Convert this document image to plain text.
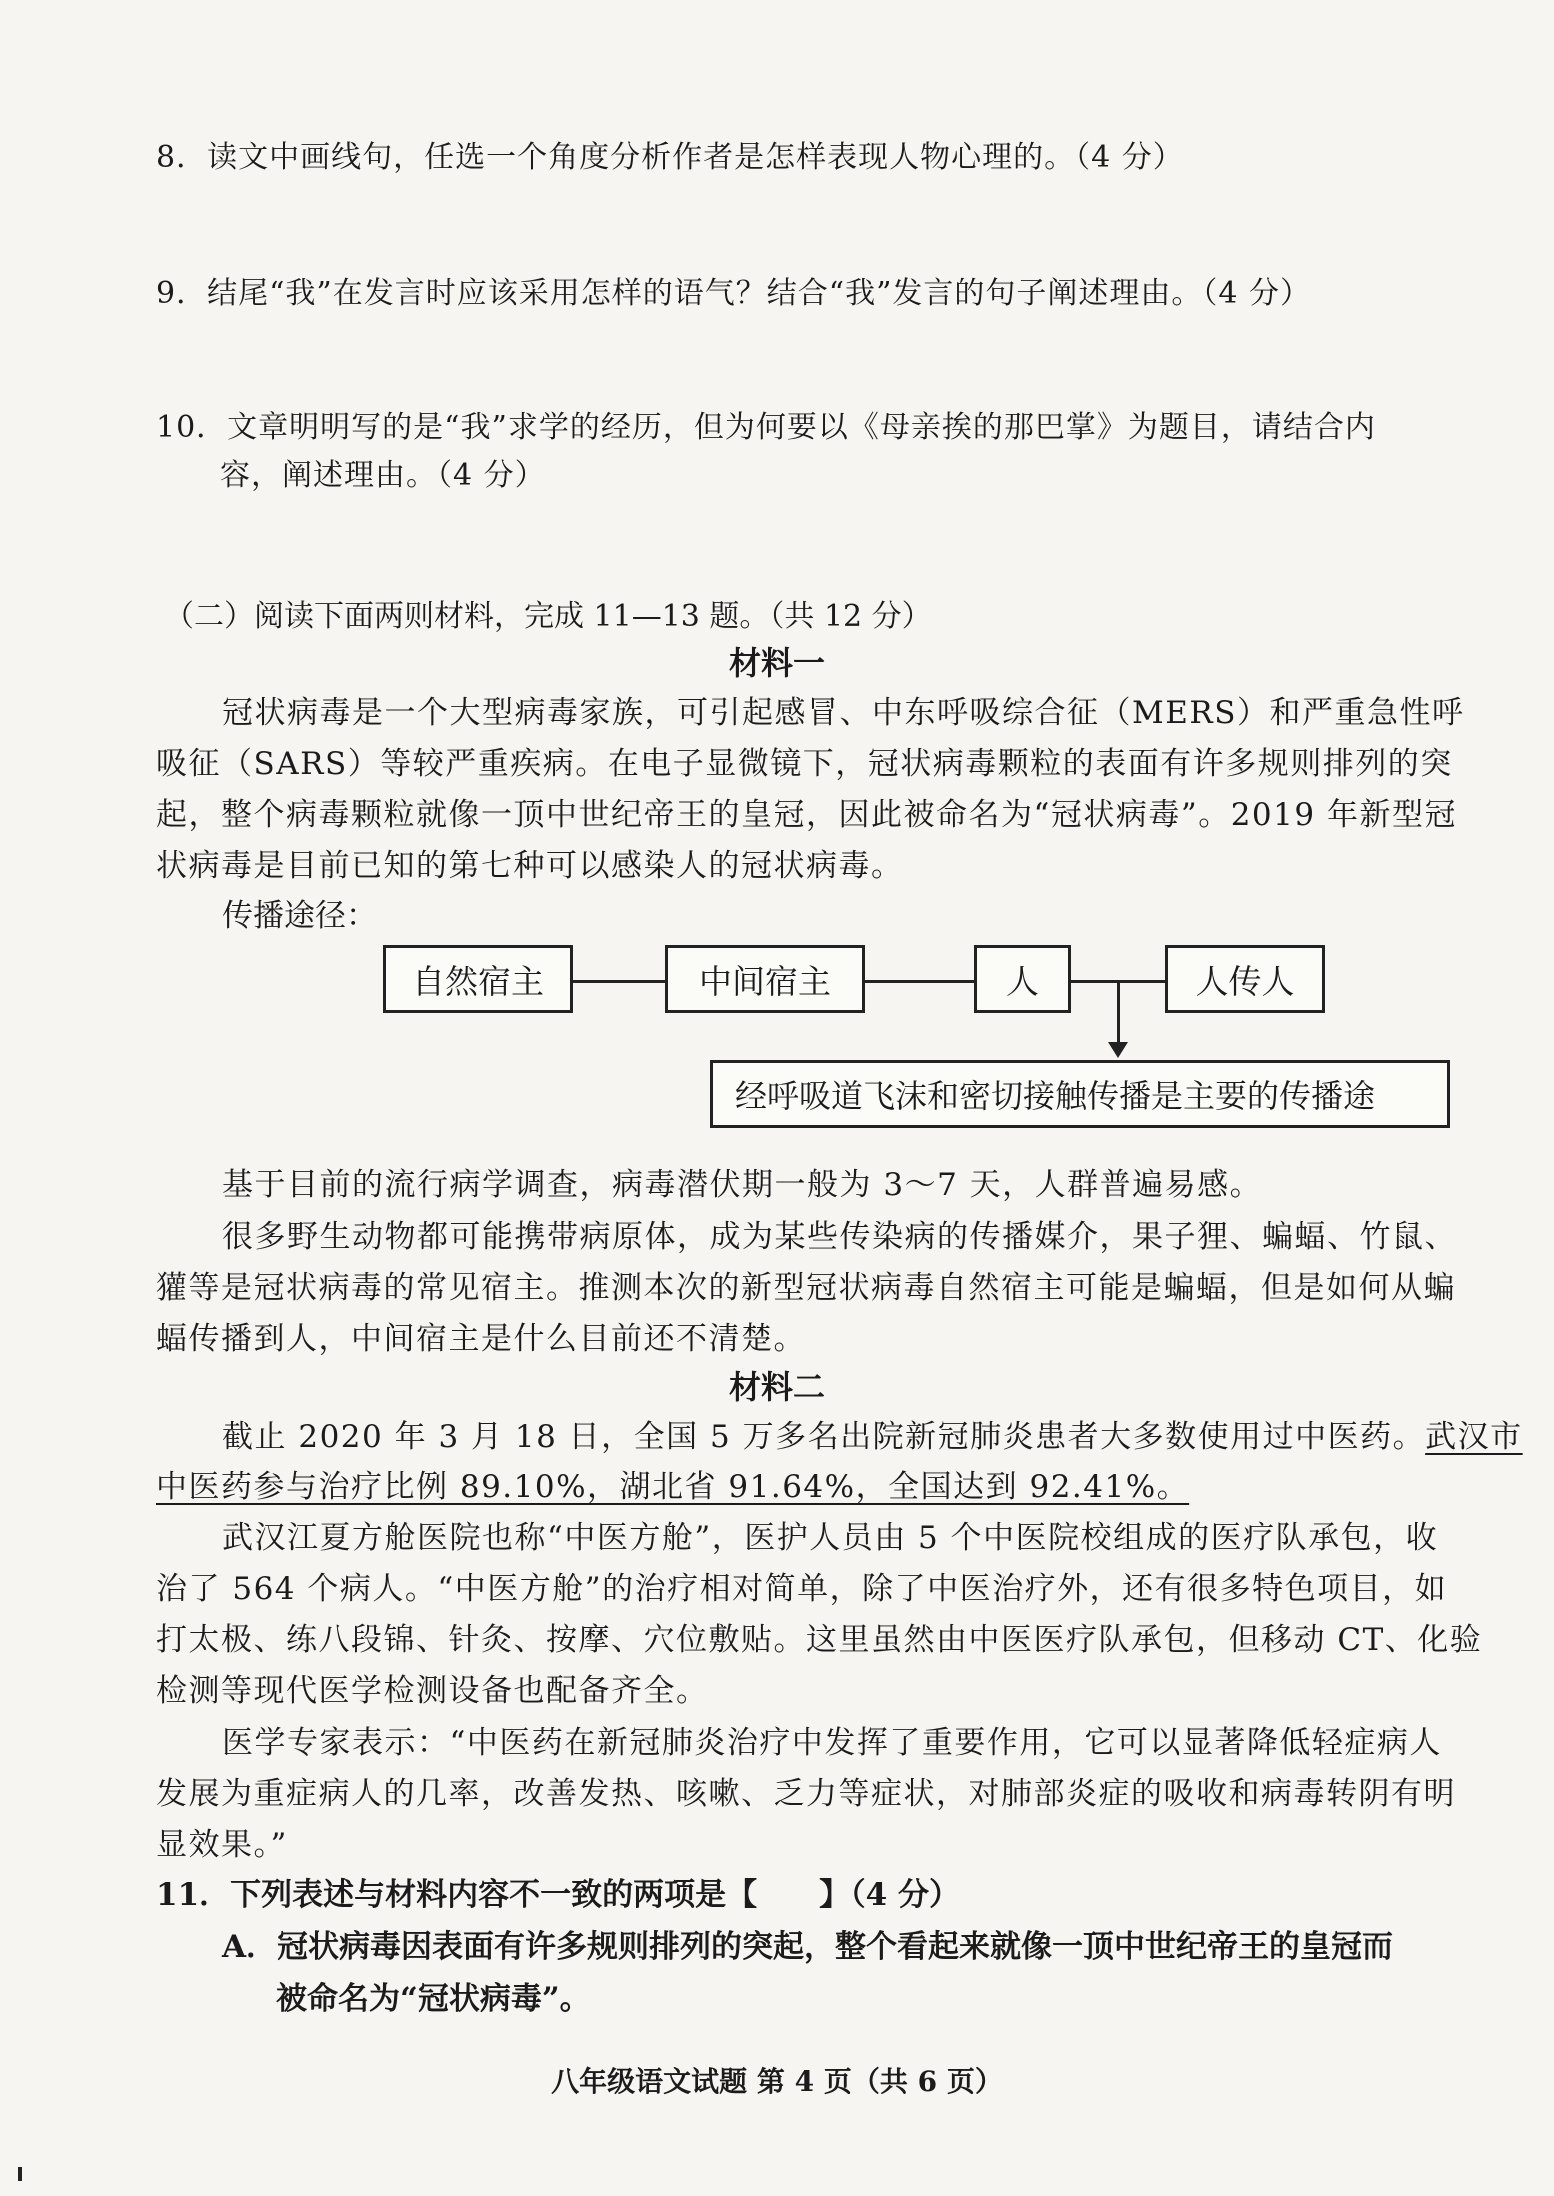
8．读文中画线句，任选一个角度分析作者是怎样表现人物心理的。（4 分）
9．结尾“我”在发言时应该采用怎样的语气？结合“我”发言的句子阐述理由。（4 分）
10．文章明明写的是“我”求学的经历，但为何要以《母亲挨的那巴掌》为题目，请结合内
容，阐述理由。（4 分）
（二）阅读下面两则材料，完成 11—13 题。（共 12 分）
材料一
冠状病毒是一个大型病毒家族，可引起感冒、中东呼吸综合征（MERS）和严重急性呼
吸征（SARS）等较严重疾病。在电子显微镜下，冠状病毒颗粒的表面有许多规则排列的突
起，整个病毒颗粒就像一顶中世纪帝王的皇冠，因此被命名为“冠状病毒”。2019 年新型冠
状病毒是目前已知的第七种可以感染人的冠状病毒。
传播途径：
自然宿主	中间宿主	人	人传人
经呼吸道飞沫和密切接触传播是主要的传播途
基于目前的流行病学调查，病毒潜伏期一般为 3～7 天，人群普遍易感。
很多野生动物都可能携带病原体，成为某些传染病的传播媒介，果子狸、蝙蝠、竹鼠、
獾等是冠状病毒的常见宿主。推测本次的新型冠状病毒自然宿主可能是蝙蝠，但是如何从蝙
蝠传播到人，中间宿主是什么目前还不清楚。
材料二
截止 2020 年 3 月 18 日，全国 5 万多名出院新冠肺炎患者大多数使用过中医药。武汉市
中医药参与治疗比例 89.10%，湖北省 91.64%，全国达到 92.41%。
武汉江夏方舱医院也称“中医方舱”，医护人员由 5 个中医院校组成的医疗队承包，收
治了 564 个病人。“中医方舱”的治疗相对简单，除了中医治疗外，还有很多特色项目，如
打太极、练八段锦、针灸、按摩、穴位敷贴。这里虽然由中医医疗队承包，但移动 CT、化验
检测等现代医学检测设备也配备齐全。
医学专家表示：“中医药在新冠肺炎治疗中发挥了重要作用，它可以显著降低轻症病人
发展为重症病人的几率，改善发热、咳嗽、乏力等症状，对肺部炎症的吸收和病毒转阴有明
显效果。”
11．下列表述与材料内容不一致的两项是【　　】（4 分）
A．冠状病毒因表面有许多规则排列的突起，整个看起来就像一顶中世纪帝王的皇冠而
被命名为“冠状病毒”。
八年级语文试题 第 4 页（共 6 页）
